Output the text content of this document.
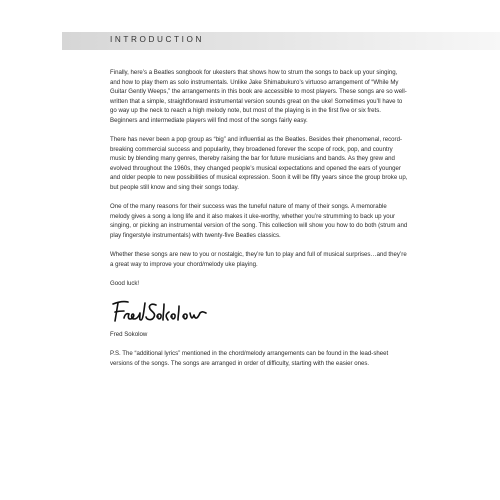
INTRODUCTION

Finally, here’s a Beatles songbook for ukesters that shows how to strum the songs to back up your singing, and how to play them as solo instrumentals. Unlike Jake Shimabukuro’s virtuoso arrangement of “While My Guitar Gently Weeps,” the arrangements in this book are accessible to most players. These songs are so well-written that a simple, straightforward instrumental version sounds great on the uke! Sometimes you’ll have to go way up the neck to reach a high melody note, but most of the playing is in the first five or six frets. Beginners and intermediate players will find most of the songs fairly easy.

There has never been a pop group as “big” and influential as the Beatles. Besides their phenomenal, record-breaking commercial success and popularity, they broadened forever the scope of rock, pop, and country music by blending many genres, thereby raising the bar for future musicians and bands. As they grew and evolved throughout the 1960s, they changed people’s musical expectations and opened the ears of younger and older people to new possibilities of musical expression. Soon it will be fifty years since the group broke up, but people still know and sing their songs today.

One of the many reasons for their success was the tuneful nature of many of their songs. A memorable melody gives a song a long life and it also makes it uke-worthy, whether you’re strumming to back up your singing, or picking an instrumental version of the song. This collection will show you how to do both (strum and play fingerstyle instrumentals) with twenty-five Beatles classics.

Whether these songs are new to you or nostalgic, they’re fun to play and full of musical surprises…and they’re a great way to improve your chord/melody uke playing.

Good luck!

Fred Sokolow

P.S. The “additional lyrics” mentioned in the chord/melody arrangements can be found in the lead-sheet versions of the songs. The songs are arranged in order of difficulty, starting with the easier ones.
